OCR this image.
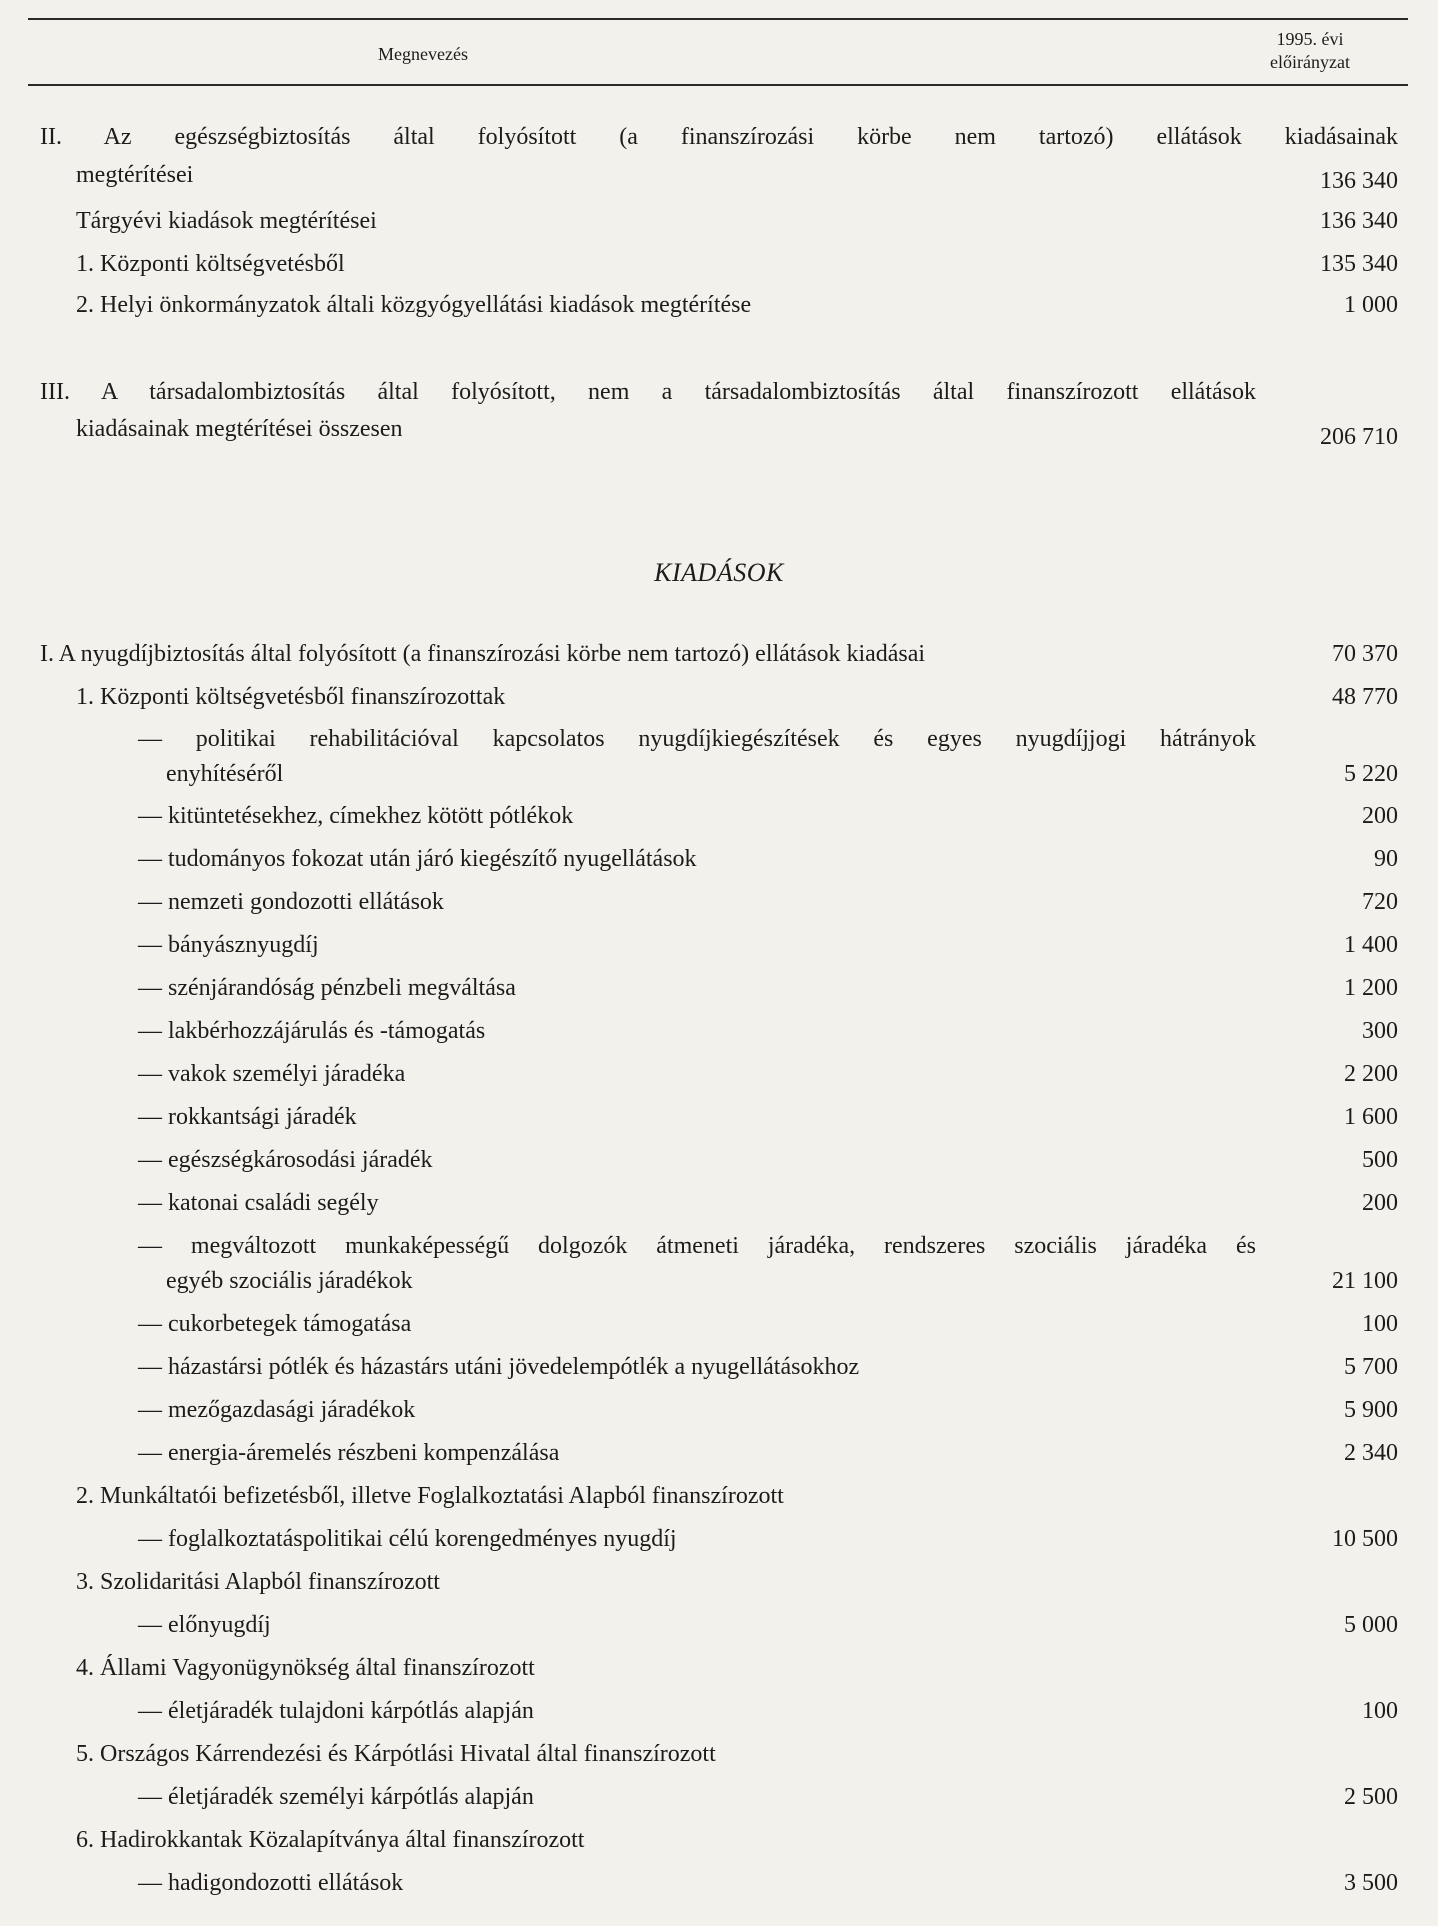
Megnevezés
1995. évi
előirányzat
II. Az egészségbiztosítás által folyósított (a finanszírozási körbe nem tartozó) ellátások kiadásainak
megtérítései	136 340
Tárgyévi kiadások megtérítései	136 340
1. Központi költségvetésből	135 340
2. Helyi önkormányzatok általi közgyógyellátási kiadások megtérítése	1 000
III. A társadalombiztosítás által folyósított, nem a társadalombiztosítás által finanszírozott ellátások
kiadásainak megtérítései összesen	206 710
KIADÁSOK
I. A nyugdíjbiztosítás által folyósított (a finanszírozási körbe nem tartozó) ellátások kiadásai	70 370
1. Központi költségvetésből finanszírozottak	48 770
— politikai rehabilitációval kapcsolatos nyugdíjkiegészítések és egyes nyugdíjjogi hátrányok
enyhítéséről	5 220
— kitüntetésekhez, címekhez kötött pótlékok	200
— tudományos fokozat után járó kiegészítő nyugellátások	90
— nemzeti gondozotti ellátások	720
— bányásznyugdíj	1 400
— szénjárandóság pénzbeli megváltása	1 200
— lakbérhozzájárulás és -támogatás	300
— vakok személyi járadéka	2 200
— rokkantsági járadék	1 600
— egészségkárosodási járadék	500
— katonai családi segély	200
— megváltozott munkaképességű dolgozók átmeneti járadéka, rendszeres szociális járadéka és
egyéb szociális járadékok	21 100
— cukorbetegek támogatása	100
— házastársi pótlék és házastárs utáni jövedelempótlék a nyugellátásokhoz	5 700
— mezőgazdasági járadékok	5 900
— energia-áremelés részbeni kompenzálása	2 340
2. Munkáltatói befizetésből, illetve Foglalkoztatási Alapból finanszírozott
— foglalkoztatáspolitikai célú korengedményes nyugdíj	10 500
3. Szolidaritási Alapból finanszírozott
— előnyugdíj	5 000
4. Állami Vagyonügynökség által finanszírozott
— életjáradék tulajdoni kárpótlás alapján	100
5. Országos Kárrendezési és Kárpótlási Hivatal által finanszírozott
— életjáradék személyi kárpótlás alapján	2 500
6. Hadirokkantak Közalapítványa által finanszírozott
— hadigondozotti ellátások	3 500
